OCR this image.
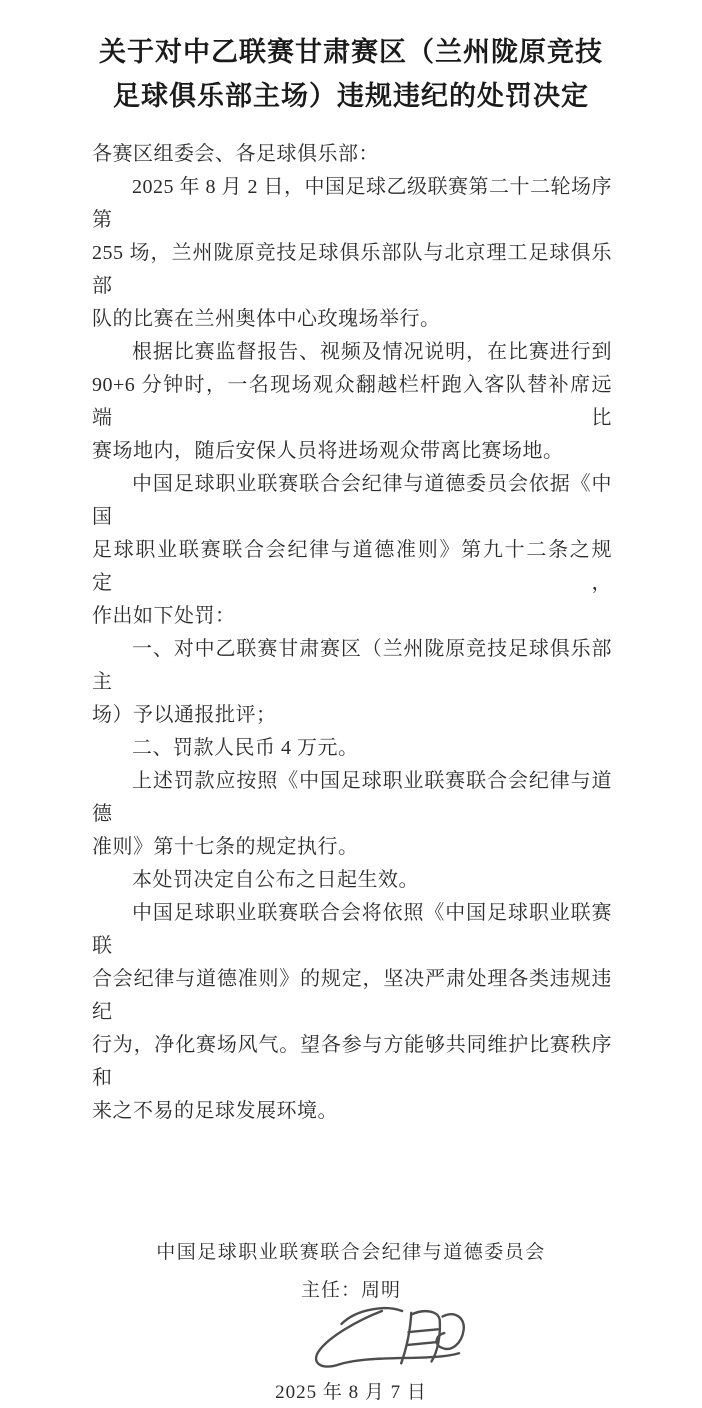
关于对中乙联赛甘肃赛区（兰州陇原竞技
足球俱乐部主场）违规违纪的处罚决定
各赛区组委会、各足球俱乐部：
2025 年 8 月 2 日，中国足球乙级联赛第二十二轮场序第
255 场，兰州陇原竞技足球俱乐部队与北京理工足球俱乐部
队的比赛在兰州奥体中心玫瑰场举行。
根据比赛监督报告、视频及情况说明，在比赛进行到
90+6 分钟时，一名现场观众翻越栏杆跑入客队替补席远端比
赛场地内，随后安保人员将进场观众带离比赛场地。
中国足球职业联赛联合会纪律与道德委员会依据《中国
足球职业联赛联合会纪律与道德准则》第九十二条之规定，
作出如下处罚：
一、对中乙联赛甘肃赛区（兰州陇原竞技足球俱乐部主
场）予以通报批评；
二、罚款人民币 4 万元。
上述罚款应按照《中国足球职业联赛联合会纪律与道德
准则》第十七条的规定执行。
本处罚决定自公布之日起生效。
中国足球职业联赛联合会将依照《中国足球职业联赛联
合会纪律与道德准则》的规定，坚决严肃处理各类违规违纪
行为，净化赛场风气。望各参与方能够共同维护比赛秩序和
来之不易的足球发展环境。
中国足球职业联赛联合会纪律与道德委员会
主任：周明
2025 年 8 月 7 日
